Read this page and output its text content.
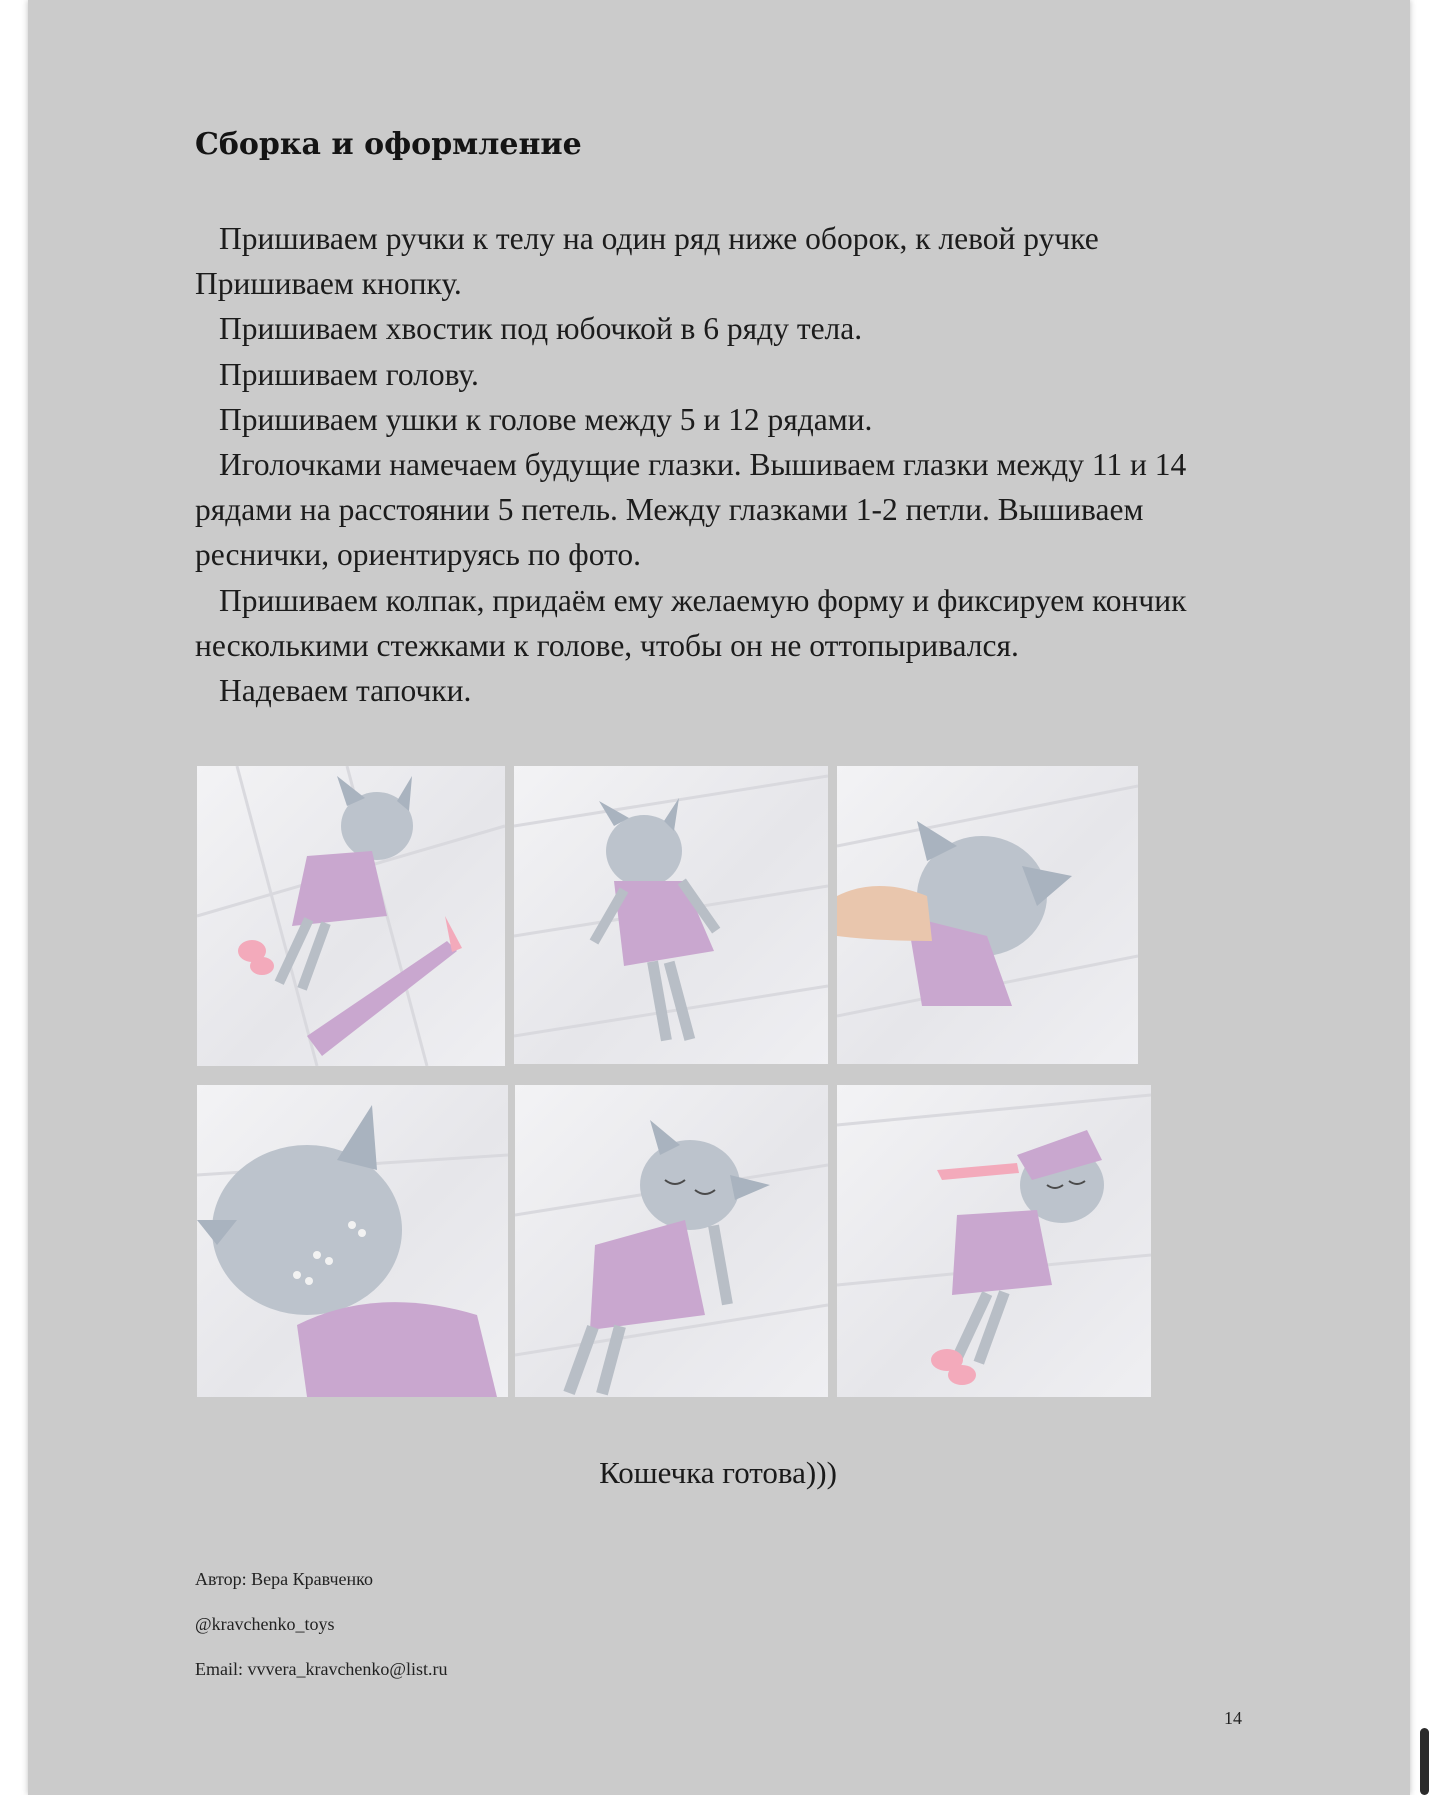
Сборка и оформление

Пришиваем ручки к телу на один ряд ниже оборок, к левой ручке Пришиваем кнопку.

Пришиваем хвостик под юбочкой в 6 ряду тела.

Пришиваем голову.

Пришиваем ушки к голове между 5 и 12 рядами.

Иголочками намечаем будущие глазки. Вышиваем глазки между 11 и 14 рядами на расстоянии 5 петель. Между глазками 1-2 петли. Вышиваем реснички, ориентируясь по фото.

Пришиваем колпак, придаём ему желаемую форму и фиксируем кончик несколькими стежками к голове, чтобы он не оттопыривался.

Надеваем тапочки.

Кошечка готова)))
Автор: Вера Кравченко
@kravchenko_toys
Email: vvvera_kravchenko@list.ru
14
